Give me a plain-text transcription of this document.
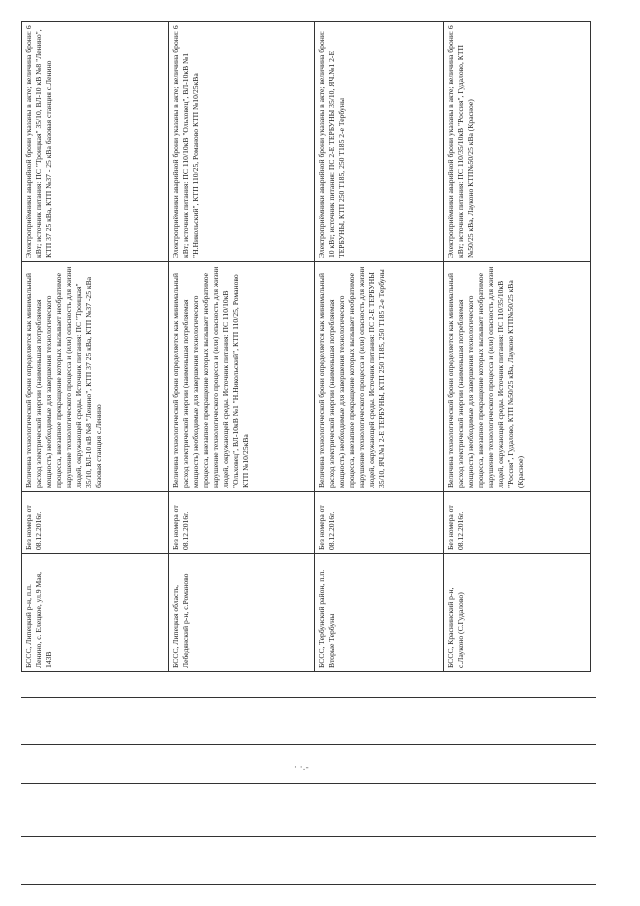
БССС, Липецкий р-н, п.п. Ленино, с. Елецкое, ул.9 Мая, 143В	Без номера от 08.12.2016г.	Величина технологической брони определяется как минимальный расход электрической энергии (наименьшая потребляемая мощность) необходимые для завершения технологического процесса, внезапное прекращение которых вызывает необратимое нарушение технологического процесса и (или) опасность для жизни людей, окружающей среды. Источник питания: ПС "Троицкая" 35/10, ВЛ-10 кВ №8 "Ленино", КТП 37 25 кВа, КТП №37 -25 кВа базовая станция с.Ленино	Электроприёмники аварийной брони указаны в акте; величина брони: 6 кВт; источник питания: ПС "Троицкая" 35/10, ВЛ-10 кВ №8 "Ленино", КТП 37 25 кВа, КТП №37 - 25 кВа базовая станция с.Ленино
БССС, Липецкая область, Лебедянский р-н, с.Романово	Без номера от 08.12.2016г.	Величина технологической брони определяется как минимальный расход электрической энергии (наименьшая потребляемая мощность) необходимые для завершения технологического процесса, внезапное прекращение которых вызывает необратимое нарушение технологического процесса и (или) опасность для жизни людей, окружающей среды. Источник питания: ПС 110/10кВ "Ольховец", ВЛ-10кВ №1 "Н.Никольский", КТП 110/25, Романово КТП №10/25кВа	Электроприёмники аварийной брони указаны в акте; величина брони: 6 кВт; источник питания: ПС 110/10кВ "Ольховец", ВЛ-10кВ №1 "Н.Никольский", КТП 110/25, Романово КТП №10/25кВа
БССС, Тербунский район, п.п. Вторые Тербуны	Без номера от 08.12.2016г.	Величина технологической брони определяется как минимальный расход электрической энергии (наименьшая потребляемая мощность) необходимые для завершения технологического процесса, внезапное прекращение которых вызывает необратимое нарушение технологического процесса и (или) опасность для жизни людей, окружающей среды. Источник питания: ПС 2-Е ТЕРБУНЫ 35/10, ЯЧ.№1 2-Е ТЕРБУНЫ, КТП 250 Т185, 250 Т185 2-е Тербуны	Электроприёмники аварийной брони указаны в акте; величина брони: 10 кВт; источник питания: ПС 2-Е ТЕРБУНЫ 35/10, ЯЧ.№1 2-Е ТЕРБУНЫ, КТП 250 Т185, 250 Т185 2-е Тербуны
БССС, Краснинский р-н, с.Лауконо (С.Гудалово)	Без номера от 08.12.2016г.	Величина технологической брони определяется как минимальный расход электрической энергии (наименьшая потребляемая мощность) необходимые для завершения технологического процесса, внезапное прекращение которых вызывает необратимое нарушение технологического процесса и (или) опасность для жизни людей, окружающей среды. Источник питания: ПС 110/35/10кВ "Россия", Гудалово, КТП №50/25 кВа, Лауконо КТП№50/25 кВа (Красное)	Электроприёмники аварийной брони указаны в акте; величина брони: 6 кВт; источник питания: ПС 110/35/10кВ "Россия", Гудалово, КТП №50/25 кВа, Лауконо КТП№50/25 кВа (Красное)
· ·.-
